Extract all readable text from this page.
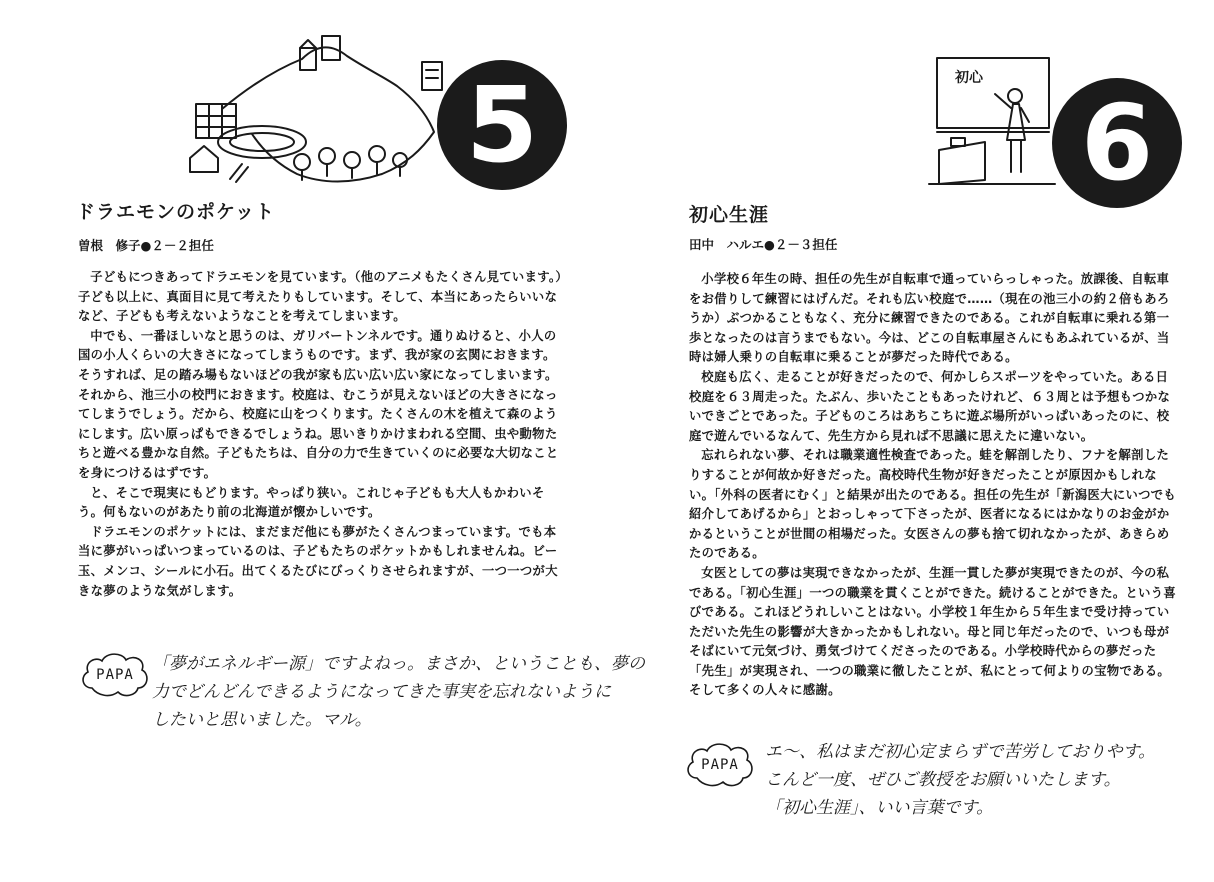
5
ドラエモンのポケット
曽根　修子●２－２担任

子どもにつきあってドラエモンを見ています。（他のアニメもたくさん見ています。）子ども以上に、真面目に見て考えたりもしています。そして、本当にあったらいいななど、子どもも考えないようなことを考えてしまいます。

中でも、一番ほしいなと思うのは、ガリバートンネルです。通りぬけると、小人の国の小人くらいの大きさになってしまうものです。まず、我が家の玄関におきます。そうすれば、足の踏み場もないほどの我が家も広い広い広い家になってしまいます。それから、池三小の校門におきます。校庭は、むこうが見えないほどの大きさになってしまうでしょう。だから、校庭に山をつくります。たくさんの木を植えて森のようにします。広い原っぱもできるでしょうね。思いきりかけまわれる空間、虫や動物たちと遊べる豊かな自然。子どもたちは、自分の力で生きていくのに必要な大切なことを身につけるはずです。

と、そこで現実にもどります。やっぱり狭い。これじゃ子どもも大人もかわいそう。何もないのがあたり前の北海道が懐かしいです。

ドラエモンのポケットには、まだまだ他にも夢がたくさんつまっています。でも本当に夢がいっぱいつまっているのは、子どもたちのポケットかもしれませんね。ビー玉、メンコ、シールに小石。出てくるたびにびっくりさせられますが、一つ一つが大きな夢のような気がします。

PAPA
「夢がエネルギー源」ですよねっ。まさか、ということも、夢の
力でどんどんできるようになってきた事実を忘れないように
したいと思いました。マル。
初心
6
初心生涯
田中　ハルエ●２－３担任

小学校６年生の時、担任の先生が自転車で通っていらっしゃった。放課後、自転車をお借りして練習にはげんだ。それも広い校庭で……（現在の池三小の約２倍もあろうか）ぶつかることもなく、充分に練習できたのである。これが自転車に乗れる第一歩となったのは言うまでもない。今は、どこの自転車屋さんにもあふれているが、当時は婦人乗りの自転車に乗ることが夢だった時代である。

校庭も広く、走ることが好きだったので、何かしらスポーツをやっていた。ある日校庭を６３周走った。たぶん、歩いたこともあったけれど、６３周とは予想もつかないできごとであった。子どものころはあちこちに遊ぶ場所がいっぱいあったのに、校庭で遊んでいるなんて、先生方から見れば不思議に思えたに違いない。

忘れられない夢、それは職業適性検査であった。蛙を解剖したり、フナを解剖したりすることが何故か好きだった。高校時代生物が好きだったことが原因かもしれない。「外科の医者にむく」と結果が出たのである。担任の先生が「新潟医大にいつでも紹介してあげるから」とおっしゃって下さったが、医者になるにはかなりのお金がかかるということが世間の相場だった。女医さんの夢も捨て切れなかったが、あきらめたのである。

女医としての夢は実現できなかったが、生涯一貫した夢が実現できたのが、今の私である。「初心生涯」一つの職業を貫くことができた。続けることができた。という喜びである。これほどうれしいことはない。小学校１年生から５年生まで受け持っていただいた先生の影響が大きかったかもしれない。母と同じ年だったので、いつも母がそばにいて元気づけ、勇気づけてくださったのである。小学校時代からの夢だった「先生」が実現され、一つの職業に徹したことが、私にとって何よりの宝物である。そして多くの人々に感謝。

PAPA
エ～、私はまだ初心定まらずで苦労しておりやす。
こんど一度、ぜひご教授をお願いいたします。
「初心生涯」、いい言葉です。
